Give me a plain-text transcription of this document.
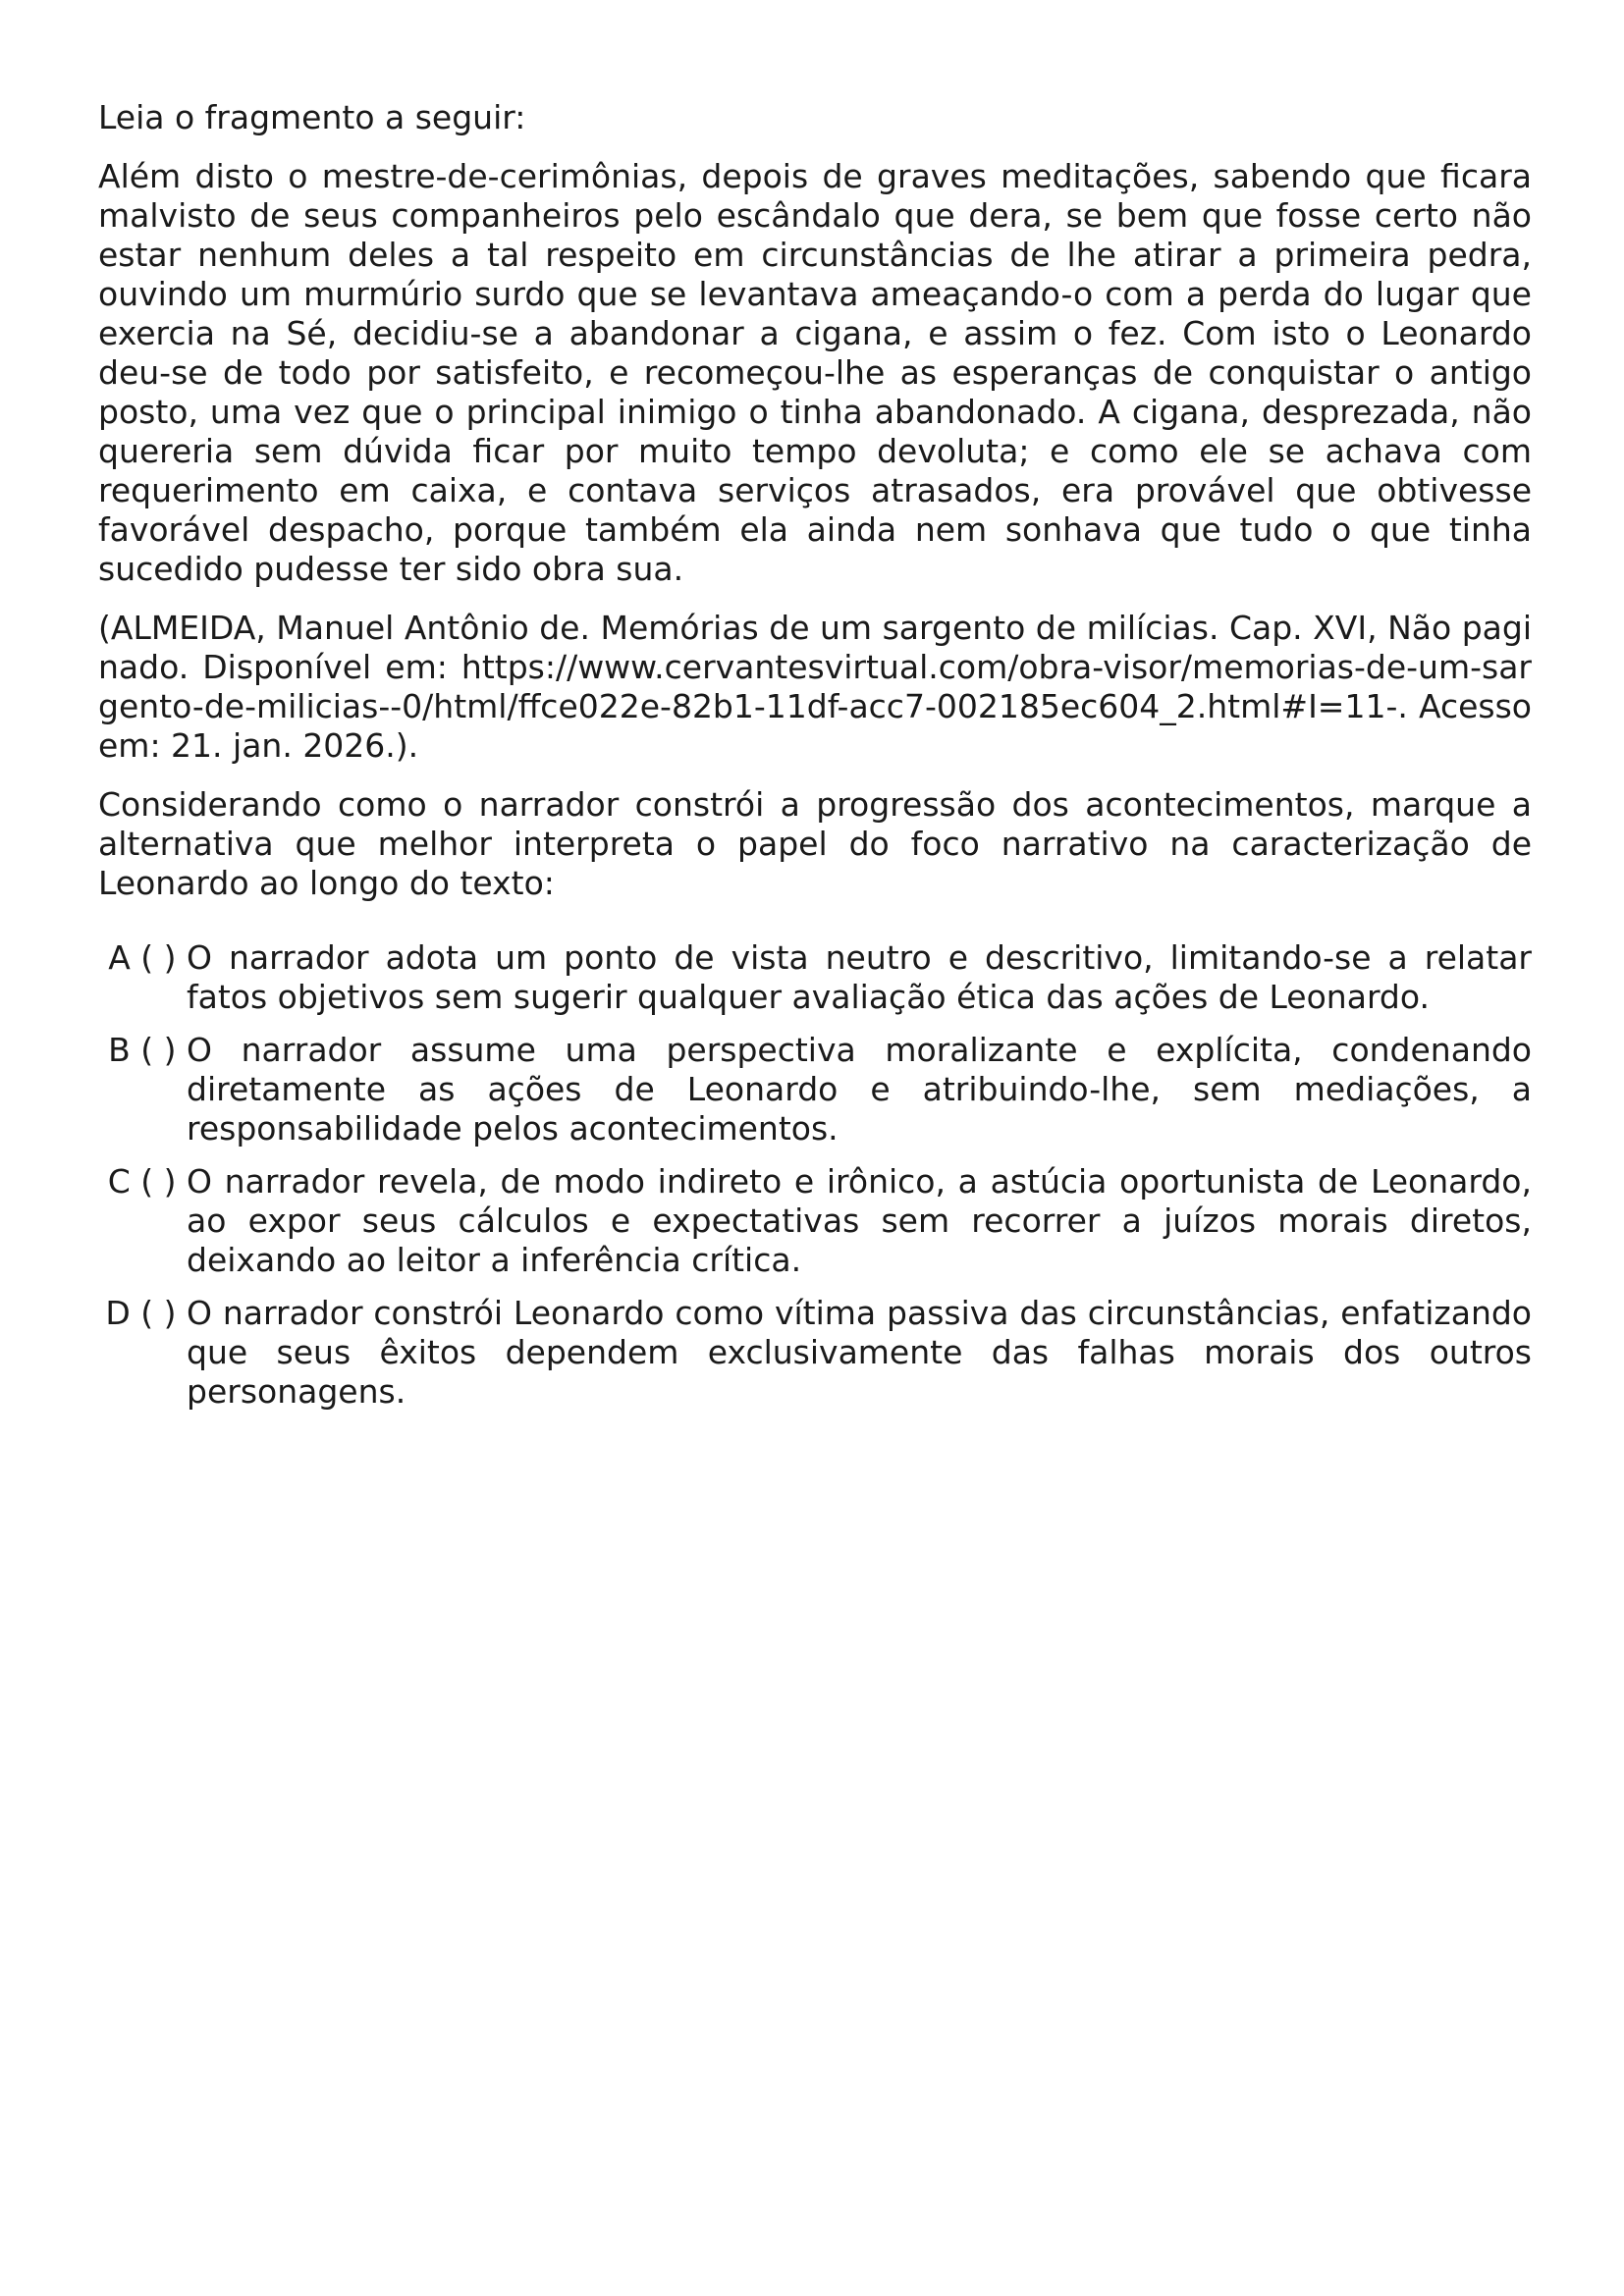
Leia o fragmento a seguir:

Além disto o mestre-de-cerimônias, depois de graves meditações, sabendo que ficara malvisto de seus companheiros pelo escândalo que dera, se bem que fosse certo não estar nenhum deles a tal respeito em circunstâncias de lhe atirar a primeira pedra, ouvindo um murmúrio surdo que se levantava ameaçando-o com a perda do lugar que exercia na Sé, decidiu-se a abandonar a cigana, e assim o fez. Com isto o Leonardo deu-se de todo por satisfeito, e recomeçou-lhe as esperanças de conquistar o antigo posto, uma vez que o principal inimigo o tinha abandonado. A cigana, desprezada, não quereria sem dúvida ficar por muito tempo devoluta; e como ele se achava com requerimento em caixa, e contava serviços atrasados, era provável que obtivesse favorável despacho, porque também ela ainda nem sonhava que tudo o que tinha sucedido pudesse ter sido obra sua.

(ALMEIDA, Manuel Antônio de. Memórias de um sargento de milícias. Cap. XVI, Não paginado. Disponível em: https://www.cervantesvirtual.com/obra-visor/memorias-de-um-sargento-de-milicias--0/html/ffce022e-82b1-11df-acc7-002185ec604_2.html#I=11-. Acesso em: 21. jan. 2026.).

Considerando como o narrador constrói a progressão dos acontecimentos, marque a alternativa que melhor interpreta o papel do foco narrativo na caracterização de Leonardo ao longo do texto:

A ( ) O narrador adota um ponto de vista neutro e descritivo, limitando-se a relatar fatos objetivos sem sugerir qualquer avaliação ética das ações de Leonardo.
B ( ) O narrador assume uma perspectiva moralizante e explícita, condenando diretamente as ações de Leonardo e atribuindo-lhe, sem mediações, a responsabilidade pelos acontecimentos.
C ( ) O narrador revela, de modo indireto e irônico, a astúcia oportunista de Leonardo, ao expor seus cálculos e expectativas sem recorrer a juízos morais diretos, deixando ao leitor a inferência crítica.
D ( ) O narrador constrói Leonardo como vítima passiva das circunstâncias, enfatizando que seus êxitos dependem exclusivamente das falhas morais dos outros personagens.
